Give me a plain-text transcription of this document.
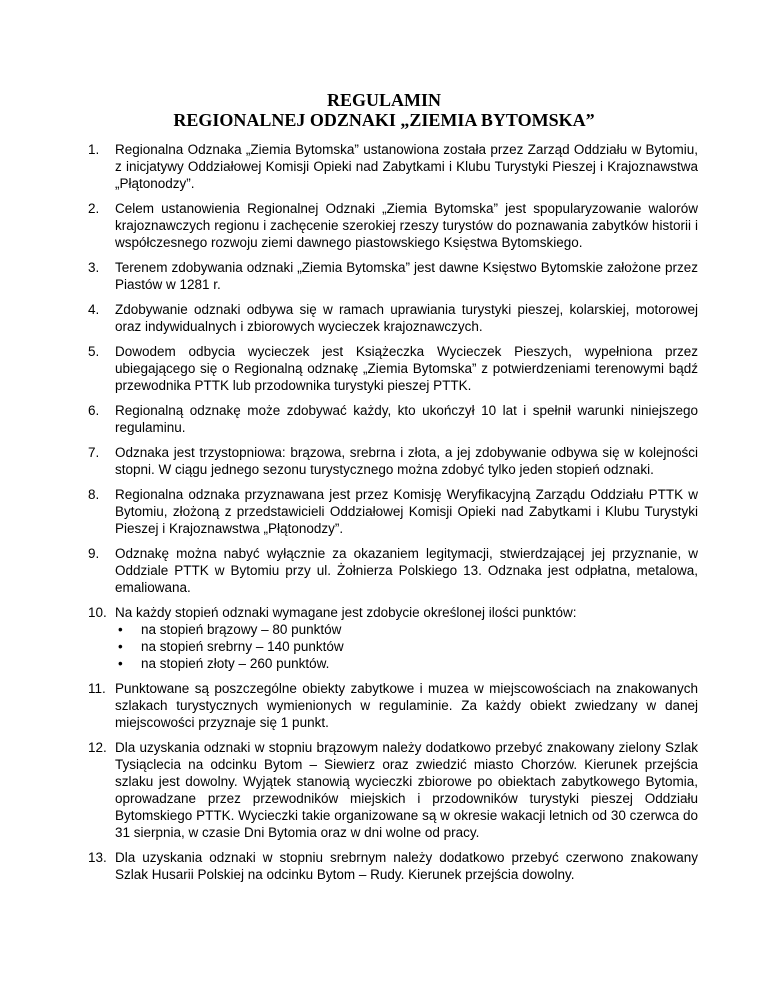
REGULAMIN
REGIONALNEJ ODZNAKI „ZIEMIA BYTOMSKA”
1.	Regionalna Odznaka „Ziemia Bytomska” ustanowiona została przez Zarząd Oddziału w Bytomiu, z inicjatywy Oddziałowej Komisji Opieki nad Zabytkami i Klubu Turystyki Pieszej i Krajoznawstwa „Płątonodzy”.
2.	Celem ustanowienia Regionalnej Odznaki „Ziemia Bytomska” jest spopularyzowanie walorów krajoznawczych regionu i zachęcenie szerokiej rzeszy turystów do poznawania zabytków historii i współczesnego rozwoju ziemi dawnego piastowskiego Księstwa Bytomskiego.
3.	Terenem zdobywania odznaki „Ziemia Bytomska” jest dawne Księstwo Bytomskie założone przez Piastów w 1281 r.
4.	Zdobywanie odznaki odbywa się w ramach uprawiania turystyki pieszej, kolarskiej, motorowej oraz indywidualnych i zbiorowych wycieczek krajoznawczych.
5.	Dowodem odbycia wycieczek jest Książeczka Wycieczek Pieszych, wypełniona przez ubiegającego się o Regionalną odznakę „Ziemia Bytomska” z potwierdzeniami terenowymi bądź przewodnika PTTK lub przodownika turystyki pieszej PTTK.
6.	Regionalną odznakę może zdobywać każdy, kto ukończył 10 lat i spełnił warunki niniejszego regulaminu.
7.	Odznaka jest trzystopniowa: brązowa, srebrna i złota, a jej zdobywanie odbywa się w kolejności stopni. W ciągu jednego sezonu turystycznego można zdobyć tylko jeden stopień odznaki.
8.	Regionalna odznaka przyznawana jest przez Komisję Weryfikacyjną Zarządu Oddziału PTTK w Bytomiu, złożoną z przedstawicieli Oddziałowej Komisji Opieki nad Zabytkami i Klubu Turystyki Pieszej i Krajoznawstwa „Płątonodzy”.
9.	Odznakę można nabyć wyłącznie za okazaniem legitymacji, stwierdzającej jej przyznanie, w Oddziale PTTK w Bytomiu przy ul. Żołnierza Polskiego 13. Odznaka jest odpłatna, metalowa, emaliowana.
10. Na każdy stopień odznaki wymagane jest zdobycie określonej ilości punktów:
• na stopień brązowy – 80 punktów
• na stopień srebrny – 140 punktów
• na stopień złoty – 260 punktów.
11. Punktowane są poszczególne obiekty zabytkowe i muzea w miejscowościach na znakowanych szlakach turystycznych wymienionych w regulaminie. Za każdy obiekt zwiedzany w danej miejscowości przyznaje się 1 punkt.
12. Dla uzyskania odznaki w stopniu brązowym należy dodatkowo przebyć znakowany zielony Szlak Tysiąclecia na odcinku Bytom – Siewierz oraz zwiedzić miasto Chorzów. Kierunek przejścia szlaku jest dowolny. Wyjątek stanowią wycieczki zbiorowe po obiektach zabytkowego Bytomia, oprowadzane przez przewodników miejskich i przodowników turystyki pieszej Oddziału Bytomskiego PTTK. Wycieczki takie organizowane są w okresie wakacji letnich od 30 czerwca do 31 sierpnia, w czasie Dni Bytomia oraz w dni wolne od pracy.
13. Dla uzyskania odznaki w stopniu srebrnym należy dodatkowo przebyć czerwono znakowany Szlak Husarii Polskiej na odcinku Bytom – Rudy. Kierunek przejścia dowolny.
